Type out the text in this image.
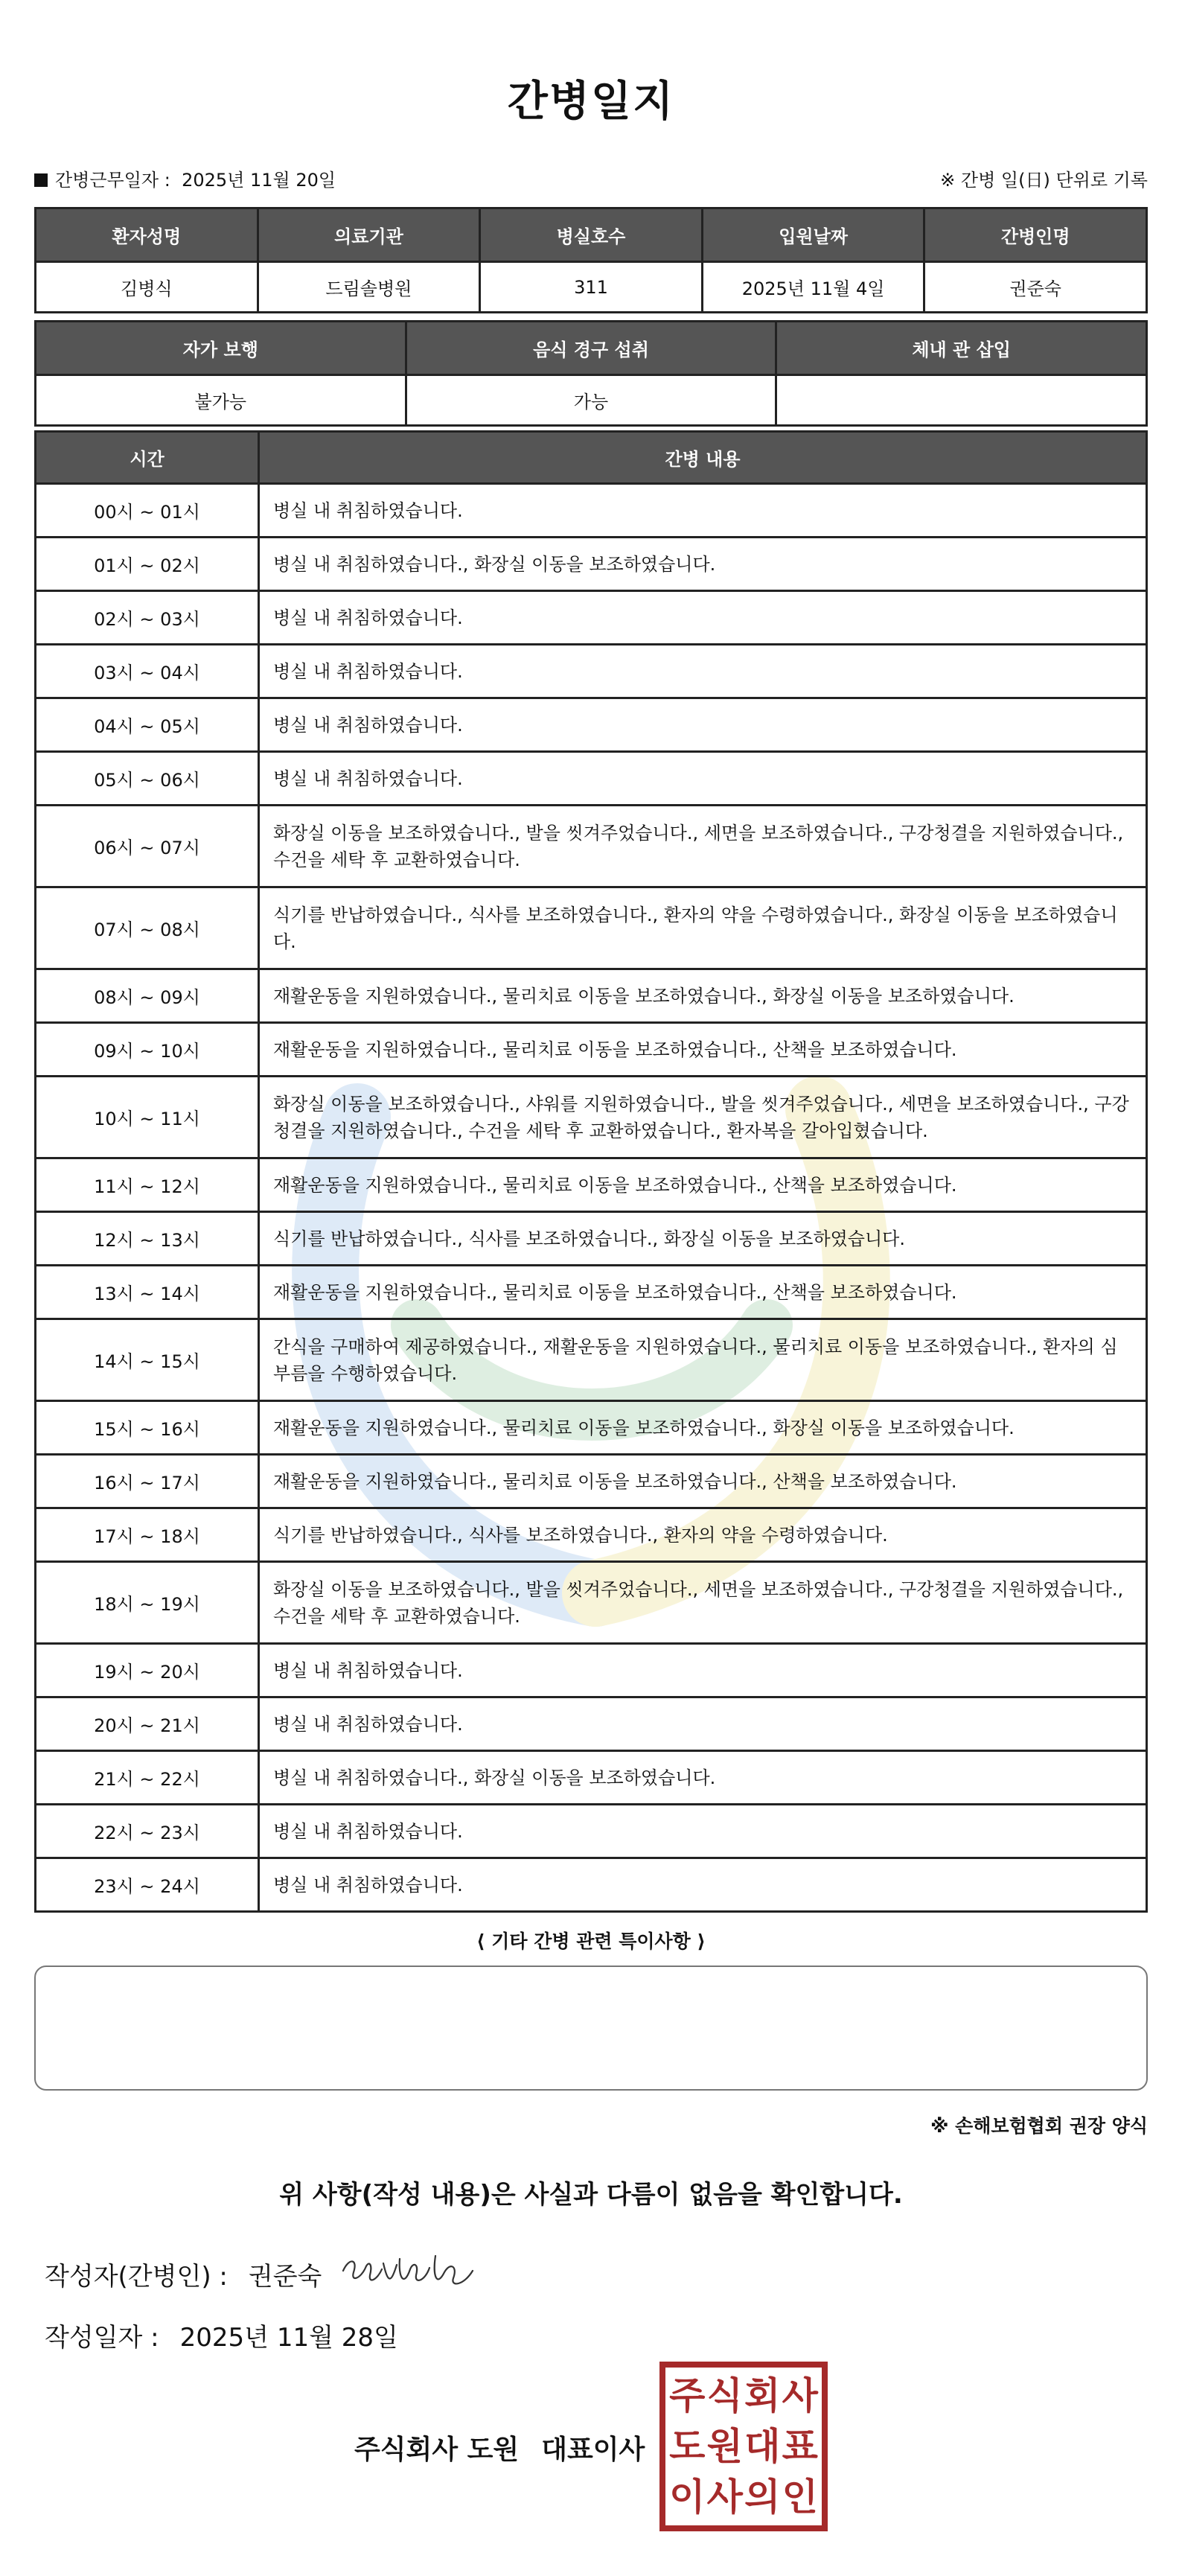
간병일지
간병근무일자 : 2025년 11월 20일	※ 간병 일(日) 단위로 기록
환자성명	의료기관	병실호수	입원날짜	간병인명
김병식	드림솔병원	311	2025년 11월 4일	권준숙
자가 보행	음식 경구 섭취	체내 관 삽입
불가능	가능	
시간	간병 내용
00시 ~ 01시	병실 내 취침하였습니다.
01시 ~ 02시	병실 내 취침하였습니다., 화장실 이동을 보조하였습니다.
02시 ~ 03시	병실 내 취침하였습니다.
03시 ~ 04시	병실 내 취침하였습니다.
04시 ~ 05시	병실 내 취침하였습니다.
05시 ~ 06시	병실 내 취침하였습니다.
06시 ~ 07시	화장실 이동을 보조하였습니다., 발을 씻겨주었습니다., 세면을 보조하였습니다., 구강청결을 지원하였습니다., 수건을 세탁 후 교환하였습니다.
07시 ~ 08시	식기를 반납하였습니다., 식사를 보조하였습니다., 환자의 약을 수령하였습니다., 화장실 이동을 보조하였습니다.
08시 ~ 09시	재활운동을 지원하였습니다., 물리치료 이동을 보조하였습니다., 화장실 이동을 보조하였습니다.
09시 ~ 10시	재활운동을 지원하였습니다., 물리치료 이동을 보조하였습니다., 산책을 보조하였습니다.
10시 ~ 11시	화장실 이동을 보조하였습니다., 샤워를 지원하였습니다., 발을 씻겨주었습니다., 세면을 보조하였습니다., 구강청결을 지원하였습니다., 수건을 세탁 후 교환하였습니다., 환자복을 갈아입혔습니다.
11시 ~ 12시	재활운동을 지원하였습니다., 물리치료 이동을 보조하였습니다., 산책을 보조하였습니다.
12시 ~ 13시	식기를 반납하였습니다., 식사를 보조하였습니다., 화장실 이동을 보조하였습니다.
13시 ~ 14시	재활운동을 지원하였습니다., 물리치료 이동을 보조하였습니다., 산책을 보조하였습니다.
14시 ~ 15시	간식을 구매하여 제공하였습니다., 재활운동을 지원하였습니다., 물리치료 이동을 보조하였습니다., 환자의 심부름을 수행하였습니다.
15시 ~ 16시	재활운동을 지원하였습니다., 물리치료 이동을 보조하였습니다., 화장실 이동을 보조하였습니다.
16시 ~ 17시	재활운동을 지원하였습니다., 물리치료 이동을 보조하였습니다., 산책을 보조하였습니다.
17시 ~ 18시	식기를 반납하였습니다., 식사를 보조하였습니다., 환자의 약을 수령하였습니다.
18시 ~ 19시	화장실 이동을 보조하였습니다., 발을 씻겨주었습니다., 세면을 보조하였습니다., 구강청결을 지원하였습니다., 수건을 세탁 후 교환하였습니다.
19시 ~ 20시	병실 내 취침하였습니다.
20시 ~ 21시	병실 내 취침하였습니다.
21시 ~ 22시	병실 내 취침하였습니다., 화장실 이동을 보조하였습니다.
22시 ~ 23시	병실 내 취침하였습니다.
23시 ~ 24시	병실 내 취침하였습니다.
⟨ 기타 간병 관련 특이사항 ⟩
※ 손해보험협회 권장 양식
위 사항(작성 내용)은 사실과 다름이 없음을 확인합니다.
작성자(간병인) : 권준숙
작성일자 : 2025년 11월 28일
주식회사 도원 대표이사
주 식 회 사
도 원 대 표
이 사 의 인
